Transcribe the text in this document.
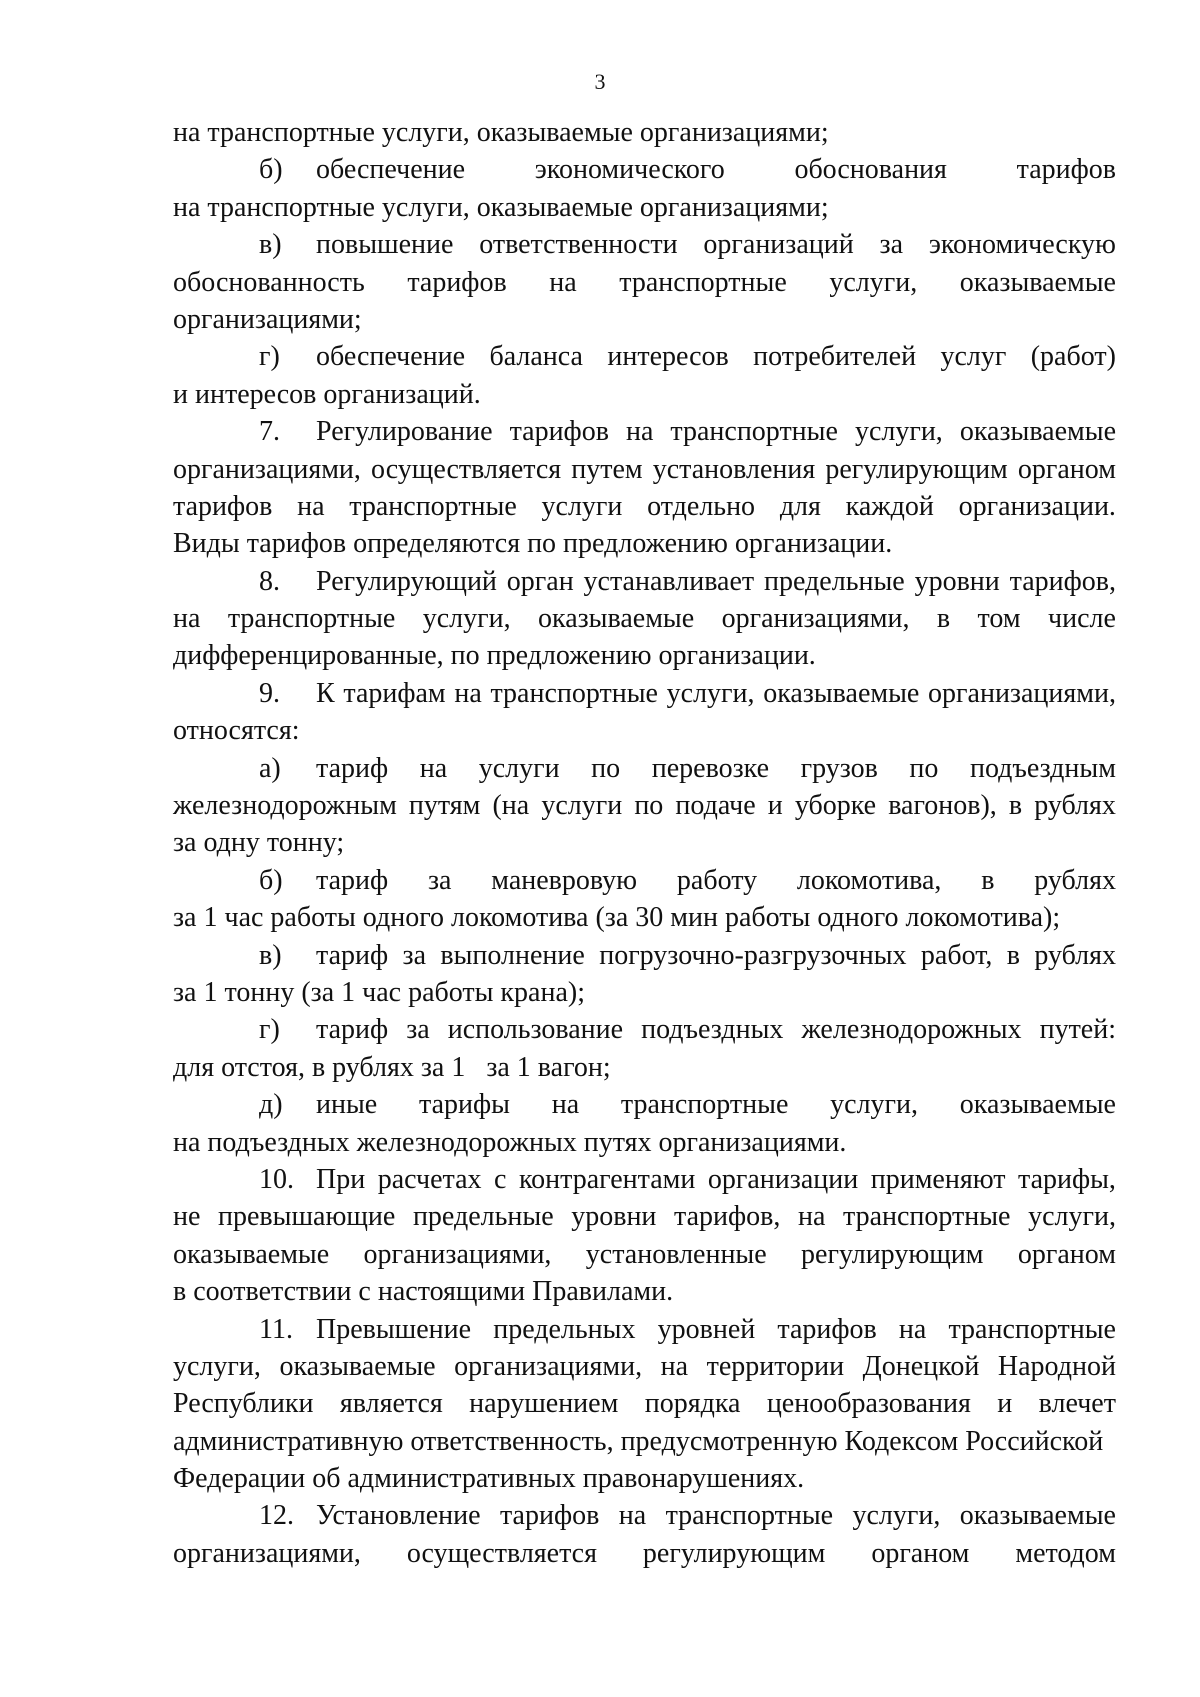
3
на транспортные услуги, оказываемые организациями;
б)	обеспечение экономического обоснования тарифов
на транспортные услуги, оказываемые организациями;
в)	повышение ответственности организаций за экономическую
обоснованность тарифов на транспортные услуги, оказываемые
организациями;
г)	обеспечение баланса интересов потребителей услуг (работ)
и интересов организаций.
7.	Регулирование тарифов на транспортные услуги, оказываемые
организациями, осуществляется путем установления регулирующим органом
тарифов на транспортные услуги отдельно для каждой организации.
Виды тарифов определяются по предложению организации.
8.	Регулирующий орган устанавливает предельные уровни тарифов,
на транспортные услуги, оказываемые организациями, в том числе
дифференцированные, по предложению организации.
9.	К тарифам на транспортные услуги, оказываемые организациями,
относятся:
а)	тариф на услуги по перевозке грузов по подъездным
железнодорожным путям (на услуги по подаче и уборке вагонов), в рублях
за одну тонну;
б)	тариф за маневровую работу локомотива, в рублях
за 1 час работы одного локомотива (за 30 мин работы одного локомотива);
в)	тариф за выполнение погрузочно-разгрузочных работ, в рублях
за 1 тонну (за 1 час работы крана);
г)	тариф за использование подъездных железнодорожных путей:
для отстоя, в рублях за 1   за 1 вагон;
д)	иные тарифы на транспортные услуги, оказываемые
на подъездных железнодорожных путях организациями.
10. При расчетах с контрагентами организации применяют тарифы,
не превышающие предельные уровни тарифов, на транспортные услуги,
оказываемые организациями, установленные регулирующим органом
в соответствии с настоящими Правилами.
11. Превышение предельных уровней тарифов на транспортные
услуги, оказываемые организациями, на территории Донецкой Народной
Республики является нарушением порядка ценообразования и влечет
административную ответственность, предусмотренную Кодексом Российской
Федерации об административных правонарушениях.
12. Установление тарифов на транспортные услуги, оказываемые
организациями, осуществляется регулирующим органом методом
